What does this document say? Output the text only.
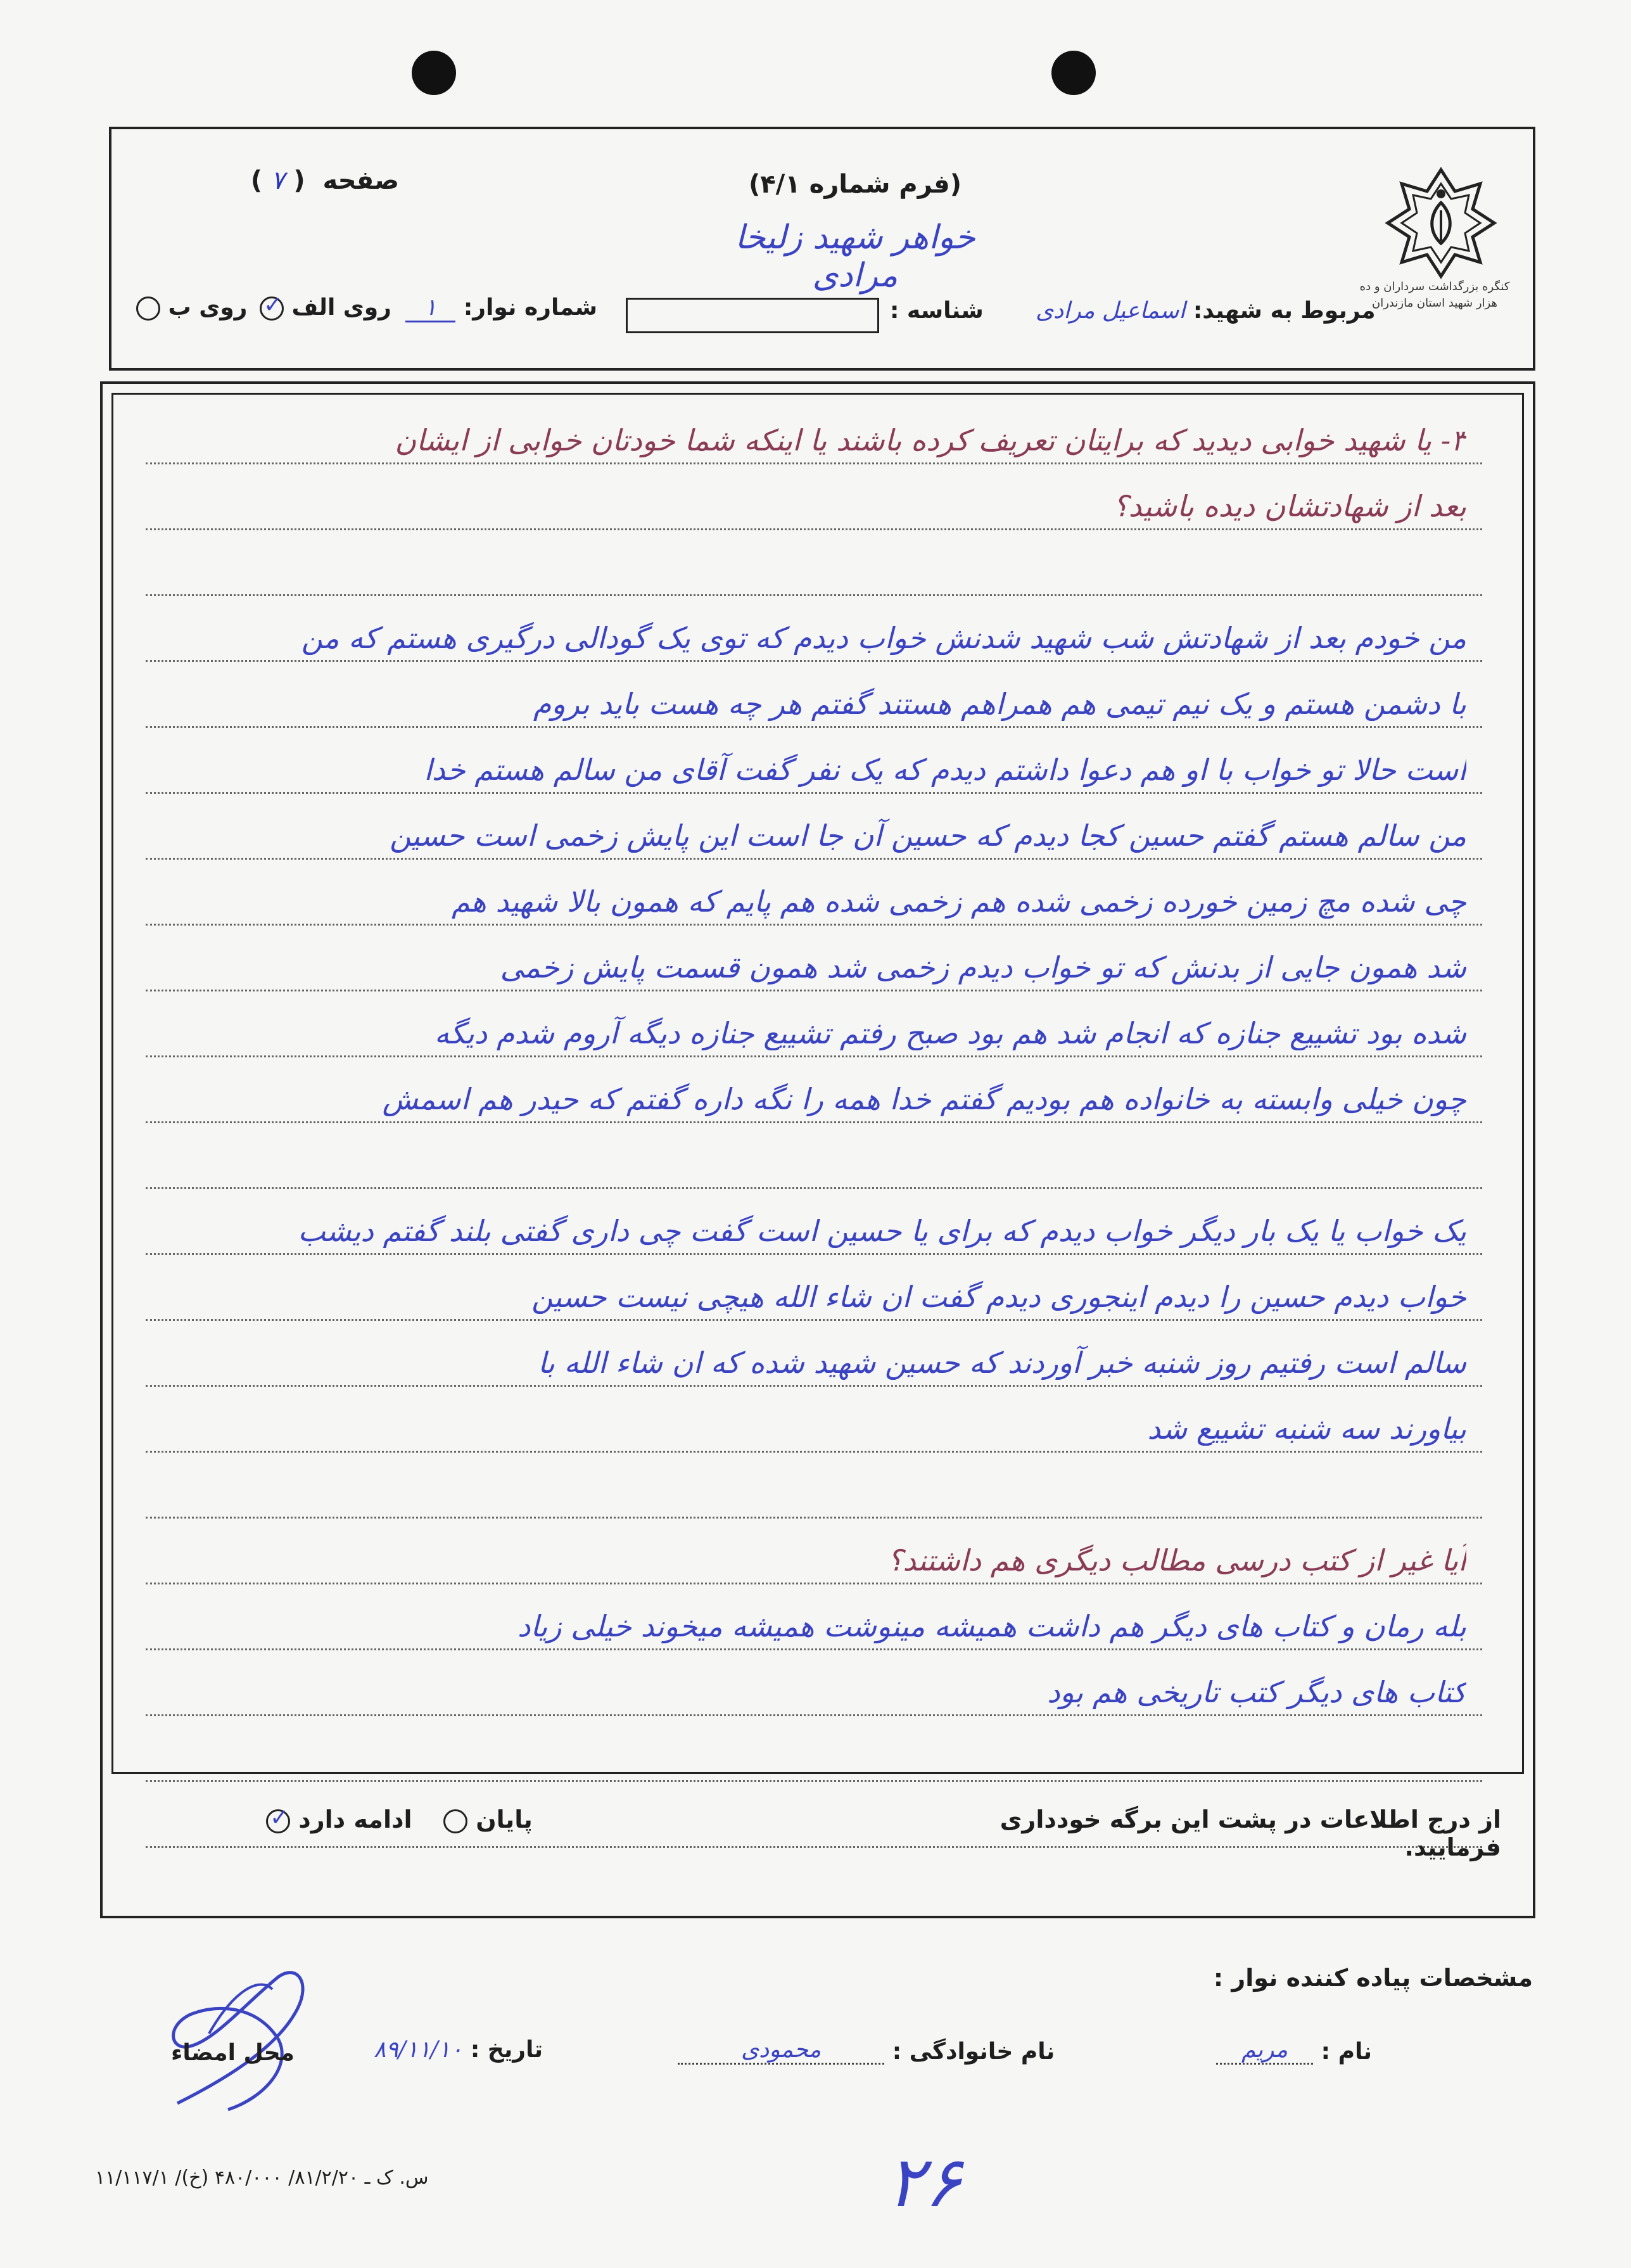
کنگره بزرگداشت سرداران و ده هزار شهید استان مازندران
(فرم شماره ۴/۱)
صفحه  ( ۷ )
خواهر شهید زلیخا مرادی
مربوط به شهید: اسماعیل مرادی
شناسه :
شماره نوار: ۱
روی الف ✓
روی ب
۳- یا شهید خوابی دیدید که برایتان تعریف کرده باشند یا اینکه شما خودتان خوابی از ایشان
بعد از شهادتشان دیده باشید؟
من خودم بعد از شهادتش شب شهید شدنش خواب دیدم که توی یک گودالی درگیری هستم که من
با دشمن هستم و یک نیم تیمی هم همراهم هستند گفتم هر چه هست باید بروم
است حالا تو خواب با او هم دعوا داشتم دیدم که یک نفر گفت آقای من سالم هستم خدا
من سالم هستم گفتم حسین کجا دیدم که حسین آن جا است این پایش زخمی است حسین
چی شده مچ زمین خورده زخمی شده هم زخمی شده هم پایم که همون بالا شهید هم
شد همون جایی از بدنش که تو خواب دیدم زخمی شد همون قسمت پایش زخمی
شده بود تشییع جنازه که انجام شد هم بود صبح رفتم تشییع جنازه دیگه آروم شدم دیگه
چون خیلی وابسته به خانواده هم بودیم گفتم خدا همه را نگه داره گفتم که حیدر هم اسمش
یک خواب یا یک بار دیگر خواب دیدم که برای یا حسین است گفت چی داری گفتی بلند گفتم دیشب
خواب دیدم حسین را دیدم اینجوری دیدم گفت ان شاء الله هیچی نیست حسین
سالم است رفتیم روز شنبه خبر آوردند که حسین شهید شده که ان شاء الله با
بیاورند سه شنبه تشییع شد
آیا غیر از کتب درسی مطالب دیگری هم داشتند؟
بله رمان و کتاب های دیگر هم داشت همیشه مینوشت همیشه میخوند خیلی زیاد
کتاب های دیگر کتب تاریخی هم بود
از درج اطلاعات در پشت این برگه خودداری فرمایید.
پایان
ادامه دارد ✓
مشخصات پیاده کننده نوار :
نام : مریم
نام خانوادگی : محمودی
تاریخ : ۸۹/۱۱/۱۰
محل امضاء
۱۱/۱۱۷/۱ /س. ک ـ ۸۱/۲/۲۰/ ۴۸۰/۰۰۰ (خ)	۲۶
